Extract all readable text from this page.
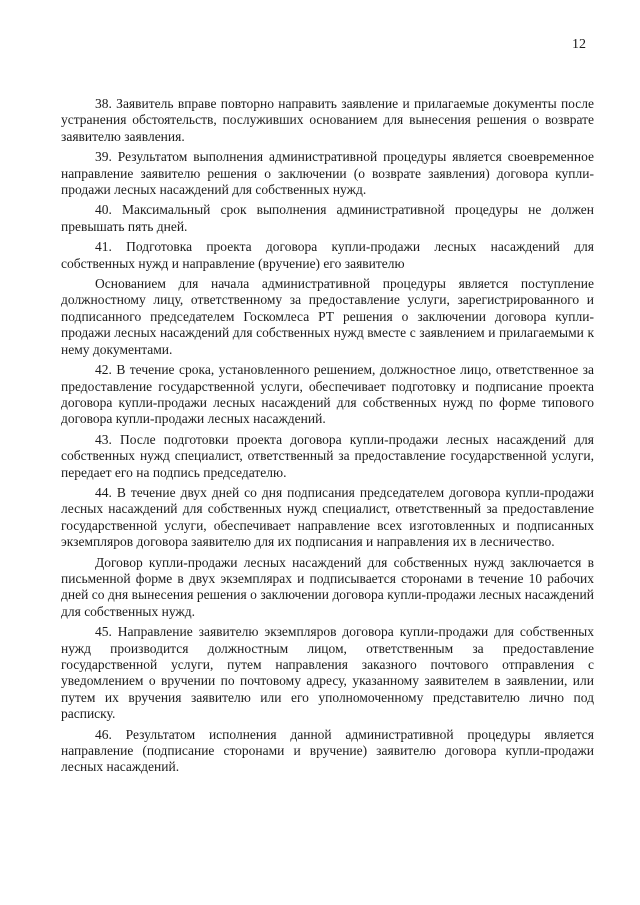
12

38. Заявитель вправе повторно направить заявление и прилагаемые документы после устранения обстоятельств, послуживших основанием для вынесения решения о возврате заявителю заявления.

39. Результатом выполнения административной процедуры является своевременное направление заявителю решения о заключении (о возврате заявления) договора купли-продажи лесных насаждений для собственных нужд.

40. Максимальный срок выполнения административной процедуры не должен превышать пять дней.

41. Подготовка проекта договора купли-продажи лесных насаждений для собственных нужд и направление (вручение) его заявителю

Основанием для начала административной процедуры является поступление должностному лицу, ответственному за предоставление услуги, зарегистрированного и подписанного председателем Госкомлеса РТ решения о заключении договора купли-продажи лесных насаждений для собственных нужд вместе с заявлением и прилагаемыми к нему документами.

42. В течение срока, установленного решением, должностное лицо, ответственное за предоставление государственной услуги, обеспечивает подготовку и подписание проекта договора купли-продажи лесных насаждений для собственных нужд по форме типового договора купли-продажи лесных насаждений.

43. После подготовки проекта договора купли-продажи лесных насаждений для собственных нужд специалист, ответственный за предоставление государственной услуги, передает его на подпись председателю.

44. В течение двух дней со дня подписания председателем договора купли-продажи лесных насаждений для собственных нужд специалист, ответственный за предоставление государственной услуги, обеспечивает направление всех изготовленных и подписанных экземпляров договора заявителю для их подписания и направления их в лесничество.

Договор купли-продажи лесных насаждений для собственных нужд заключается в письменной форме в двух экземплярах и подписывается сторонами в течение 10 рабочих дней со дня вынесения решения о заключении договора купли-продажи лесных насаждений для собственных нужд.

45. Направление заявителю экземпляров договора купли-продажи для собственных нужд производится должностным лицом, ответственным за предоставление государственной услуги, путем направления заказного почтового отправления с уведомлением о вручении по почтовому адресу, указанному заявителем в заявлении, или путем их вручения заявителю или его уполномоченному представителю лично под расписку.

46. Результатом исполнения данной административной процедуры является направление (подписание сторонами и вручение) заявителю договора купли-продажи лесных насаждений.
